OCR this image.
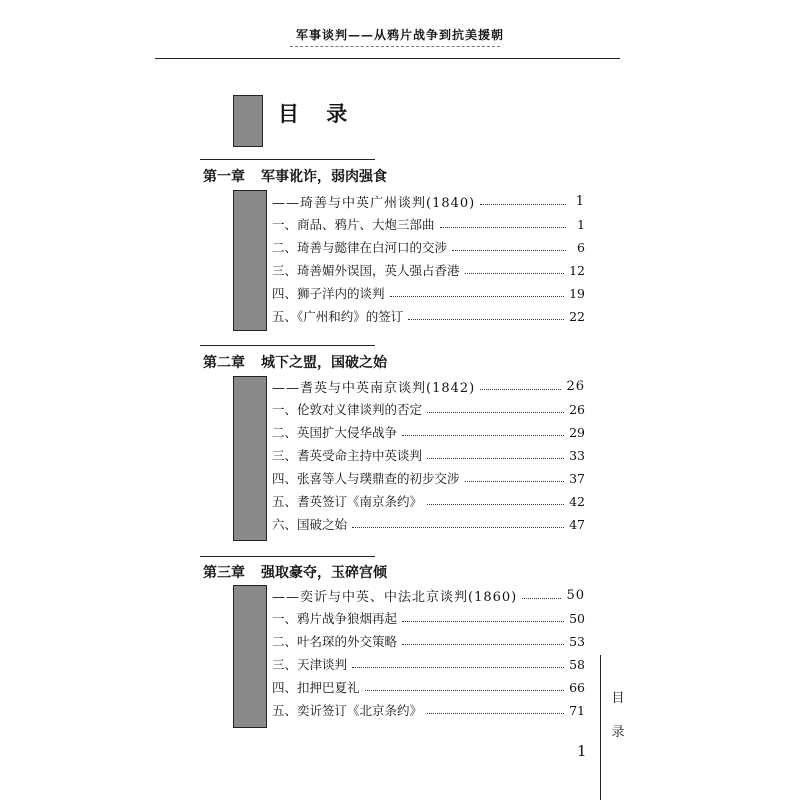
军事谈判——从鸦片战争到抗美援朝
目 录
第一章 军事讹诈，弱肉强食
——琦善与中英广州谈判(1840)	1
一、商品、鸦片、大炮三部曲	1
二、琦善与懿律在白河口的交涉	6
三、琦善媚外误国，英人强占香港	12
四、狮子洋内的谈判	19
五、《广州和约》的签订	22
第二章 城下之盟，国破之始
——耆英与中英南京谈判(1842)	26
一、伦敦对义律谈判的否定	26
二、英国扩大侵华战争	29
三、耆英受命主持中英谈判	33
四、张喜等人与璞鼎查的初步交涉	37
五、耆英签订《南京条约》	42
六、国破之始	47
第三章 强取豪夺，玉碎宫倾
——奕䜣与中英、中法北京谈判(1860)	50
一、鸦片战争狼烟再起	50
二、叶名琛的外交策略	53
三、天津谈判	58
四、扣押巴夏礼	66
五、奕䜣签订《北京条约》	71
目
录
1
